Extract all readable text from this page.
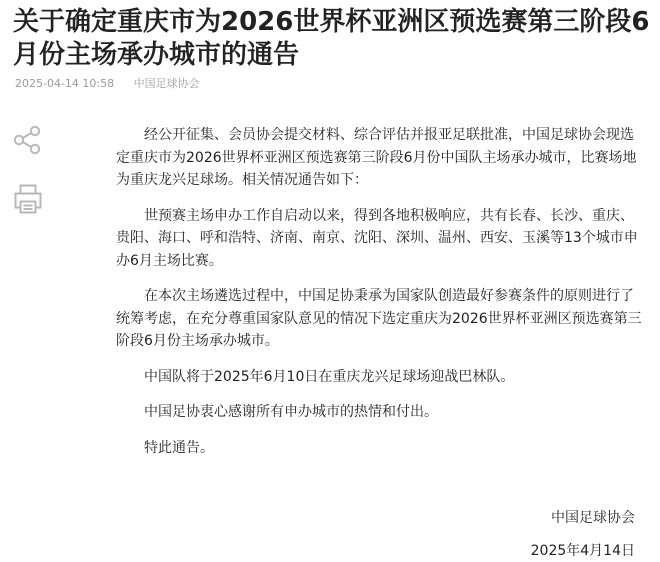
关于确定重庆市为2026世界杯亚洲区预选赛第三阶段6月份主场承办城市的通告
2025-04-14 10:58 中国足球协会

经公开征集、会员协会提交材料、综合评估并报亚足联批准，中国足球协会现选定重庆市为2026世界杯亚洲区预选赛第三阶段6月份中国队主场承办城市，比赛场地为重庆龙兴足球场。相关情况通告如下：

世预赛主场申办工作自启动以来，得到各地积极响应，共有长春、长沙、重庆、贵阳、海口、呼和浩特、济南、南京、沈阳、深圳、温州、西安、玉溪等13个城市申办6月主场比赛。

在本次主场遴选过程中，中国足协秉承为国家队创造最好参赛条件的原则进行了统筹考虑，在充分尊重国家队意见的情况下选定重庆为2026世界杯亚洲区预选赛第三阶段6月份主场承办城市。

中国队将于2025年6月10日在重庆龙兴足球场迎战巴林队。

中国足协衷心感谢所有申办城市的热情和付出。

特此通告。

中国足球协会
2025年4月14日
